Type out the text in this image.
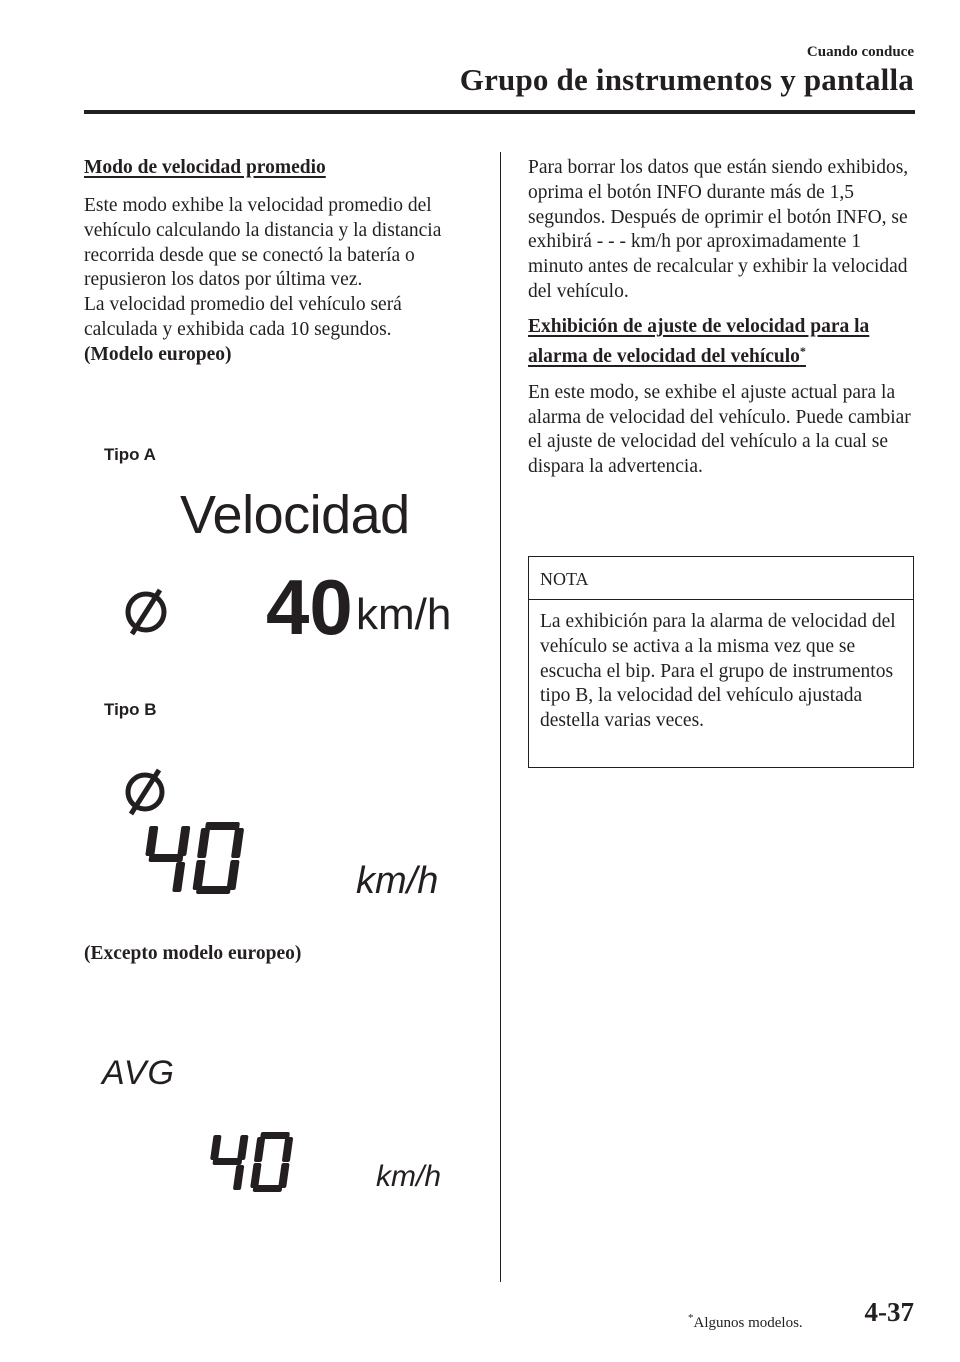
Cuando conduce
Grupo de instrumentos y pantalla

Modo de velocidad promedio

Este modo exhibe la velocidad promedio del vehículo calculando la distancia y la distancia recorrida desde que se conectó la batería o repusieron los datos por última vez.

La velocidad promedio del vehículo será calculada y exhibida cada 10 segundos.

(Modelo europeo)

Tipo A
Velocidad
40 km/h
Tipo B
km/h
(Excepto modelo europeo)
AVG
km/h

Para borrar los datos que están siendo exhibidos, oprima el botón INFO durante más de 1,5 segundos. Después de oprimir el botón INFO, se exhibirá - - - km/h por aproximadamente 1 minuto antes de recalcular y exhibir la velocidad del vehículo.

Exhibición de ajuste de velocidad para la alarma de velocidad del vehículo*

En este modo, se exhibe el ajuste actual para la alarma de velocidad del vehículo. Puede cambiar el ajuste de velocidad del vehículo a la cual se dispara la advertencia.

NOTA
La exhibición para la alarma de velocidad del vehículo se activa a la misma vez que se escucha el bip. Para el grupo de instrumentos tipo B, la velocidad del vehículo ajustada destella varias veces.
*Algunos modelos. 4-37
